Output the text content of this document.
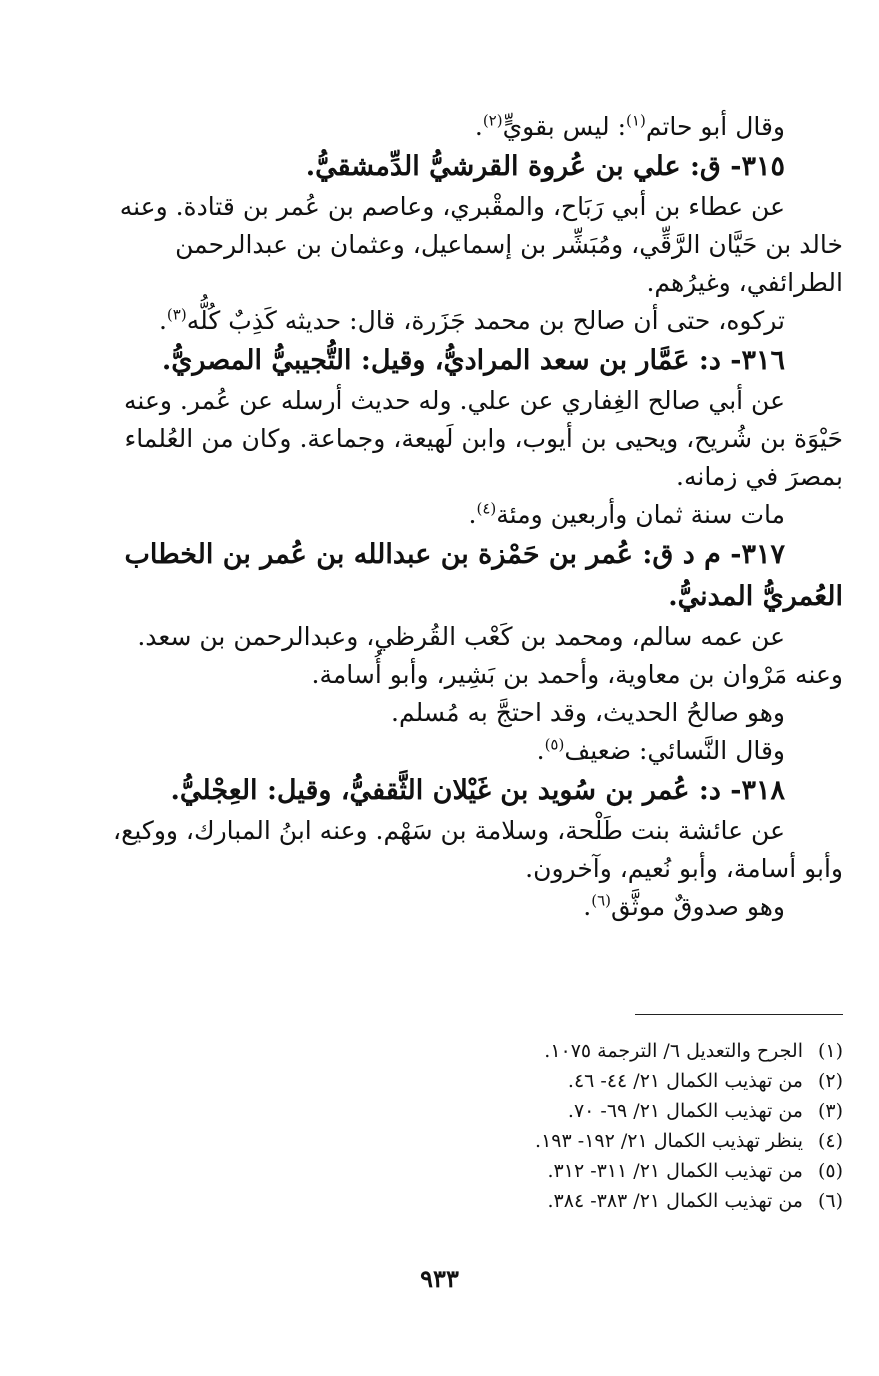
وقال أبو حاتم$^{(١)}$: ليس بقويٍّ$^{(٢)}$.

٣١٥- ق: علي بن عُروة القرشيُّ الدِّمشقيُّ.

عن عطاء بن أبي رَبَاح، والمقْبري، وعاصم بن عُمر بن قتادة. وعنه

خالد بن حَيَّان الرَّقِّي، ومُبَشِّر بن إسماعيل، وعثمان بن عبدالرحمن

الطرائفي، وغيرُهم.

تركوه، حتى أن صالح بن محمد جَزَرة، قال: حديثه كَذِبٌ كُلُّه$^{(٣)}$.

٣١٦- د: عَمَّار بن سعد المراديُّ، وقيل: التُّجيبيُّ المصريُّ.

عن أبي صالح الغِفاري عن علي. وله حديث أرسله عن عُمر. وعنه

حَيْوَة بن شُريح، ويحيى بن أيوب، وابن لَهيعة، وجماعة. وكان من العُلماء

بمصرَ في زمانه.

مات سنة ثمان وأربعين ومئة$^{(٤)}$.

٣١٧- م د ق: عُمر بن حَمْزة بن عبدالله بن عُمر بن الخطاب

العُمريُّ المدنيُّ.

عن عمه سالم، ومحمد بن كَعْب القُرظي، وعبدالرحمن بن سعد.

وعنه مَرْوان بن معاوية، وأحمد بن بَشِير، وأبو أُسامة.

وهو صالحُ الحديث، وقد احتجَّ به مُسلم.

وقال النَّسائي: ضعيف$^{(٥)}$.

٣١٨- د: عُمر بن سُويد بن غَيْلان الثَّقفيُّ، وقيل: العِجْليُّ.

عن عائشة بنت طَلْحة، وسلامة بن سَهْم. وعنه ابنُ المبارك، ووكيع،

وأبو أسامة، وأبو نُعيم، وآخرون.

وهو صدوقٌ موثَّق$^{(٦)}$.

(١)الجرح والتعديل ٦/ الترجمة ١٠٧٥.

(٢)من تهذيب الكمال ٢١/ ٤٤- ٤٦.

(٣)من تهذيب الكمال ٢١/ ٦٩- ٧٠.

(٤)ينظر تهذيب الكمال ٢١/ ١٩٢- ١٩٣.

(٥)من تهذيب الكمال ٢١/ ٣١١- ٣١٢.

(٦)من تهذيب الكمال ٢١/ ٣٨٣- ٣٨٤.

٩٣٣
